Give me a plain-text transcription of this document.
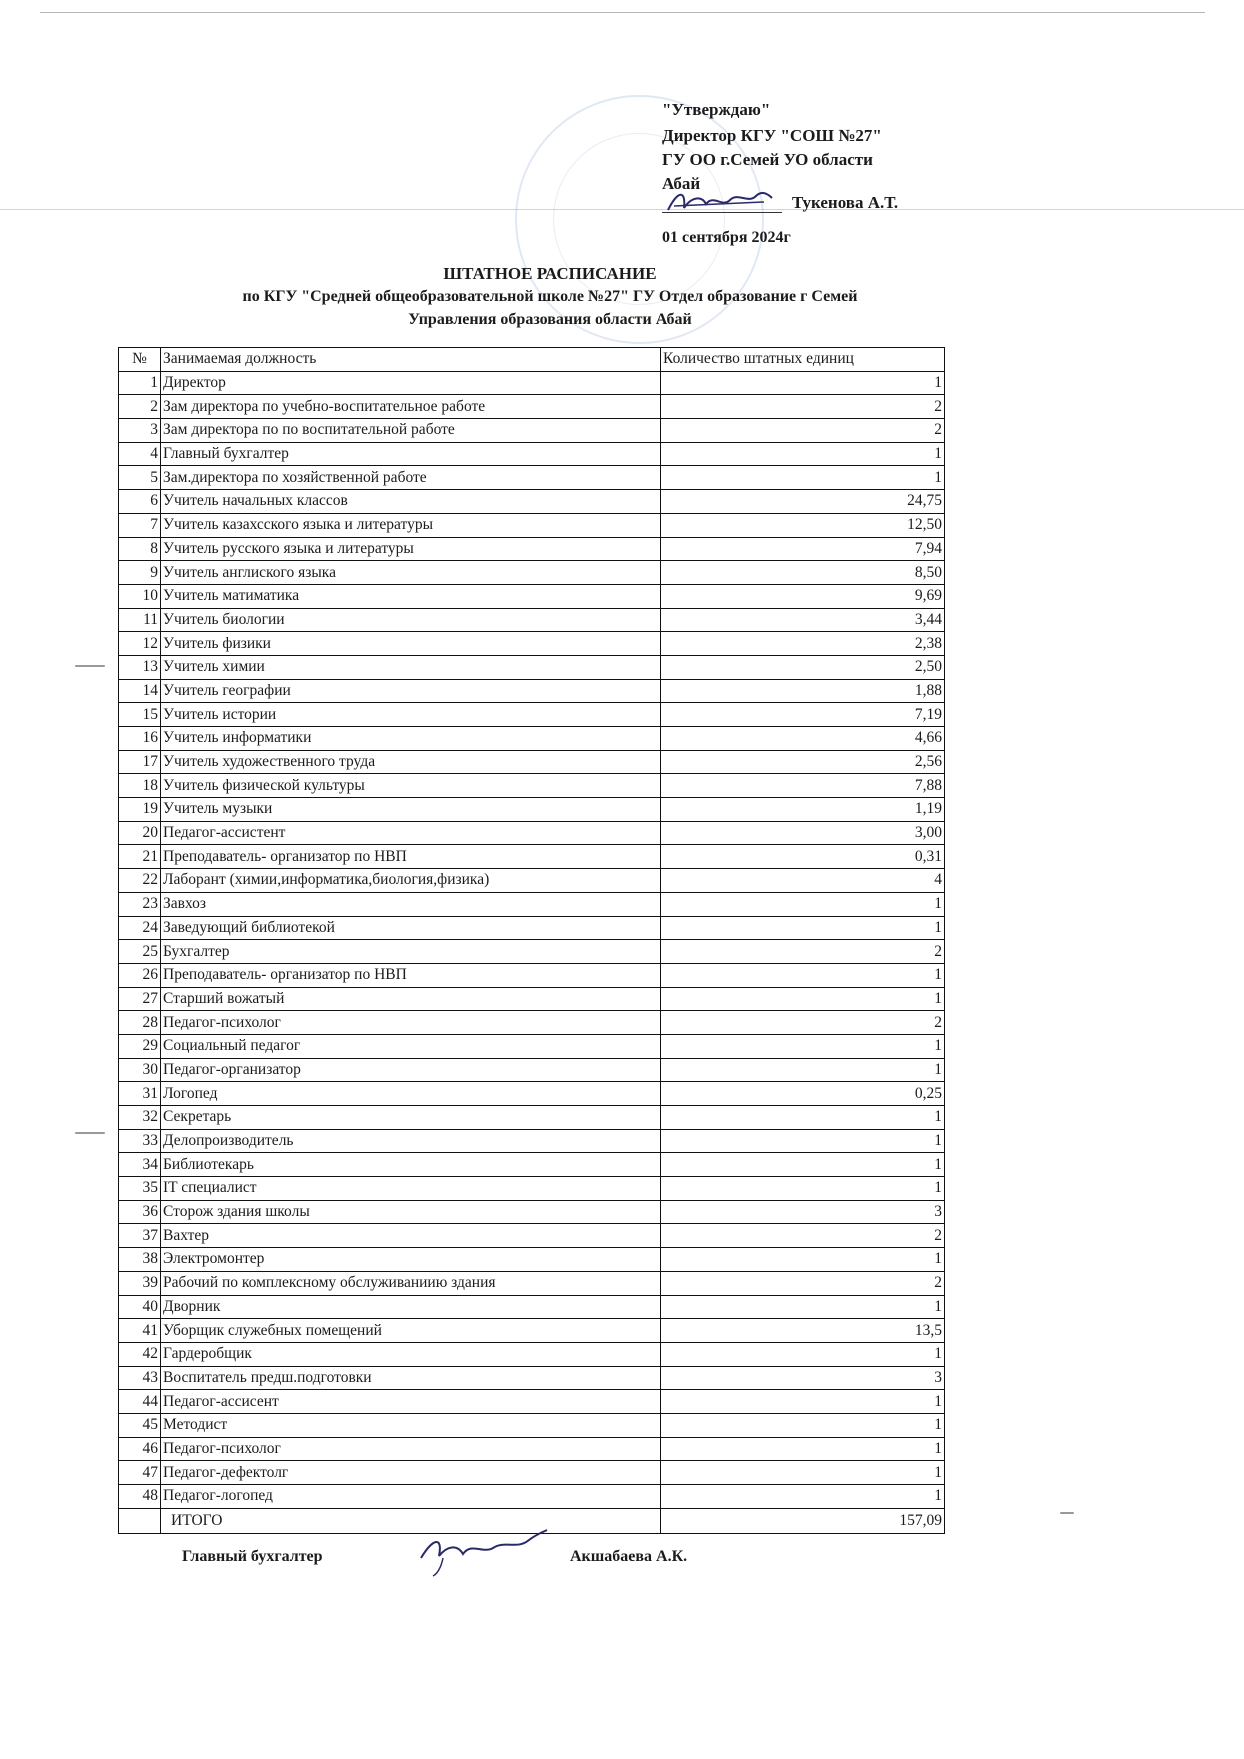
"Утверждаю"
Директор КГУ "СОШ №27"
ГУ ОО г.Семей УО области
Абай
Тукенова А.Т.
01 сентября 2024г
ШТАТНОЕ РАСПИСАНИЕ
по КГУ "Средней общеобразовательной школе №27" ГУ Отдел образование г Семей
Управления образования области Абай
№	Занимаемая должность	Количество штатных единиц
1	Директор	1
2	Зам директора по учебно-воспитательное работе	2
3	Зам директора по по воспитательной работе	2
4	Главный бухгалтер	1
5	Зам.директора по хозяйственной работе	1
6	Учитель начальных классов	24,75
7	Учитель казахсского языка и литературы	12,50
8	Учитель русского языка и литературы	7,94
9	Учитель англиского языка	8,50
10	Учитель матиматика	9,69
11	Учитель биологии	3,44
12	Учитель физики	2,38
13	Учитель химии	2,50
14	Учитель географии	1,88
15	Учитель истории	7,19
16	Учитель информатики	4,66
17	Учитель художественного труда	2,56
18	Учитель физической культуры	7,88
19	Учитель музыки	1,19
20	Педагог-ассистент	3,00
21	Преподаватель- организатор по НВП	0,31
22	Лаборант (химии,информатика,биология,физика)	4
23	Завхоз	1
24	Заведующий библиотекой	1
25	Бухгалтер	2
26	Преподаватель- организатор по НВП	1
27	Старший вожатый	1
28	Педагог-психолог	2
29	Социальный педагог	1
30	Педагог-организатор	1
31	Логопед	0,25
32	Секретарь	1
33	Делопроизводитель	1
34	Библиотекарь	1
35	IT специалист	1
36	Сторож здания школы	3
37	Вахтер	2
38	Электромонтер	1
39	Рабочий по комплексному обслуживаниию здания	2
40	Дворник	1
41	Уборщик служебных помещений	13,5
42	Гардеробщик	1
43	Воспитатель предш.подготовки	3
44	Педагог-ассисент	1
45	Методист	1
46	Педагог-психолог	1
47	Педагог-дефектолг	1
48	Педагог-логопед	1
	ИТОГО	157,09
Главный бухгалтер	Акшабаева А.К.
